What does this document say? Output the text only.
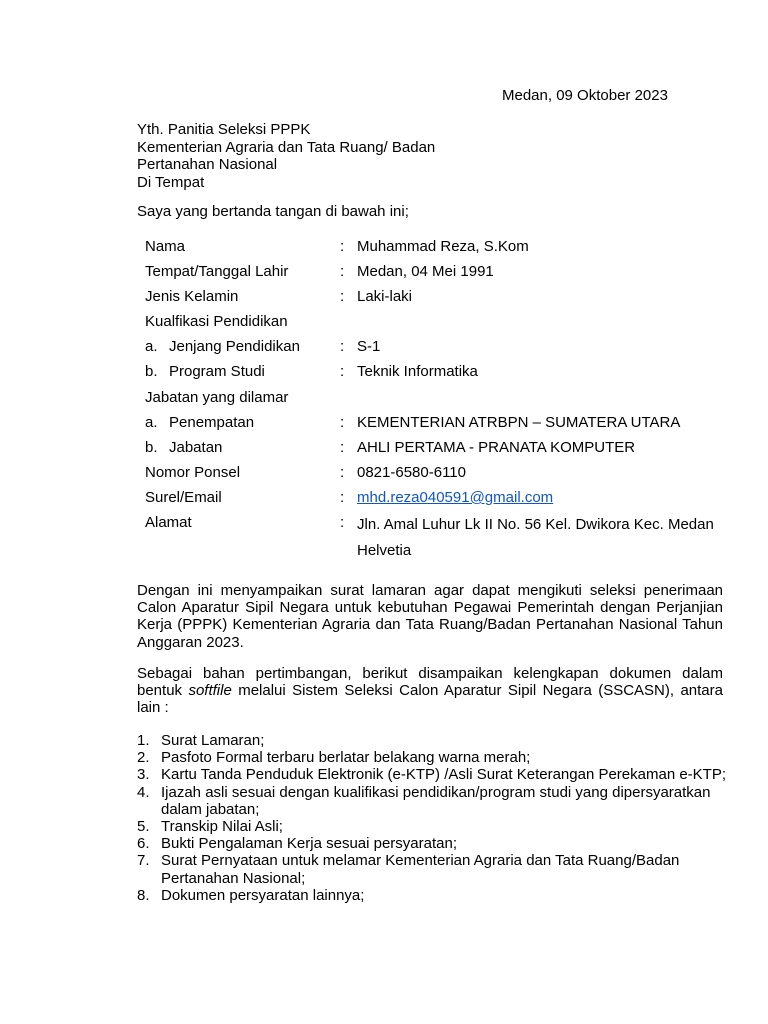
Medan, 09 Oktober 2023
Yth. Panitia Seleksi PPPK
Kementerian Agraria dan Tata Ruang/ Badan
Pertanahan Nasional
Di Tempat
Saya yang bertanda tangan di bawah ini;
Nama	: Muhammad Reza, S.Kom
Tempat/Tanggal Lahir	: Medan, 04 Mei 1991
Jenis Kelamin	: Laki-laki
Kualfikasi Pendidikan
a. Jenjang Pendidikan	: S-1
b. Program Studi	: Teknik Informatika
Jabatan yang dilamar
a. Penempatan	: KEMENTERIAN ATRBPN – SUMATERA UTARA
b. Jabatan	: AHLI PERTAMA - PRANATA KOMPUTER
Nomor Ponsel	: 0821-6580-6110
Surel/Email	: mhd.reza040591@gmail.com
Alamat	: Jln. Amal Luhur Lk II No. 56 Kel. Dwikora Kec. Medan Helvetia
Dengan ini menyampaikan surat lamaran agar dapat mengikuti seleksi penerimaan Calon Aparatur Sipil Negara untuk kebutuhan Pegawai Pemerintah dengan Perjanjian Kerja (PPPK) Kementerian Agraria dan Tata Ruang/Badan Pertanahan Nasional Tahun Anggaran 2023.
Sebagai bahan pertimbangan, berikut disampaikan kelengkapan dokumen dalam bentuk softfile melalui Sistem Seleksi Calon Aparatur Sipil Negara (SSCASN), antara lain :
1. Surat Lamaran;
2. Pasfoto Formal terbaru berlatar belakang warna merah;
3. Kartu Tanda Penduduk Elektronik (e-KTP) /Asli Surat Keterangan Perekaman e-KTP;
4. Ijazah asli sesuai dengan kualifikasi pendidikan/program studi yang dipersyaratkan dalam jabatan;
5. Transkip Nilai Asli;
6. Bukti Pengalaman Kerja sesuai persyaratan;
7. Surat Pernyataan untuk melamar Kementerian Agraria dan Tata Ruang/Badan Pertanahan Nasional;
8. Dokumen persyaratan lainnya;
